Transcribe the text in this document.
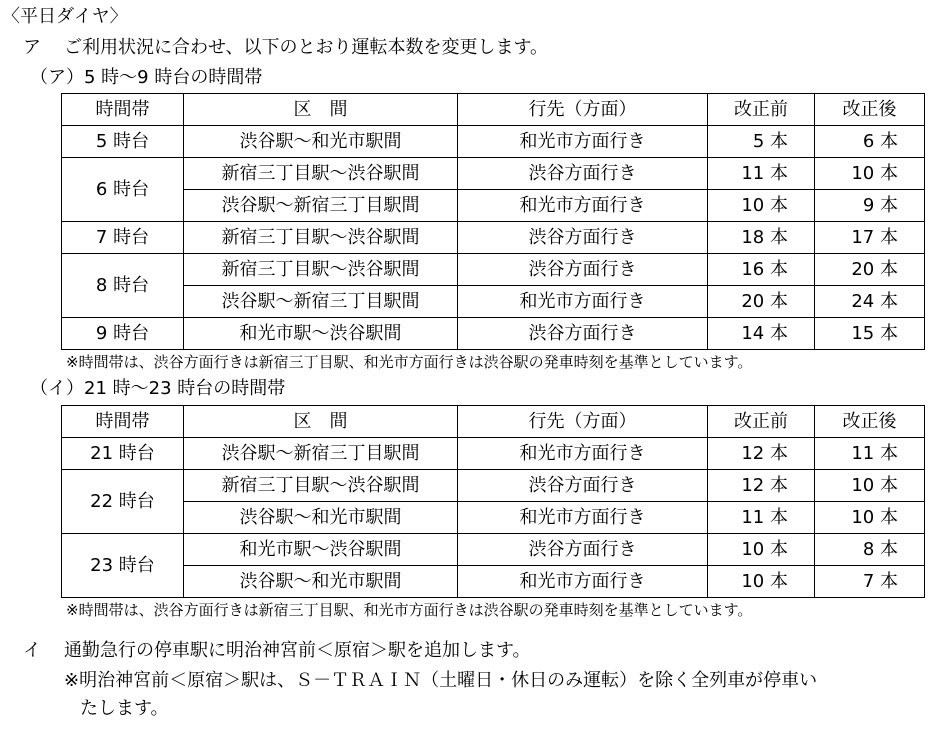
〈平日ダイヤ〉
ア ご利用状況に合わせ、以下のとおり運転本数を変更します。
（ア）5 時～9 時台の時間帯
時間帯	区　間	行先（方面）	改正前	改正後
5 時台	渋谷駅～和光市駅間	和光市方面行き	5 本	6 本
6 時台	新宿三丁目駅～渋谷駅間	渋谷方面行き	11 本	10 本
	渋谷駅～新宿三丁目駅間	和光市方面行き	10 本	9 本
7 時台	新宿三丁目駅～渋谷駅間	渋谷方面行き	18 本	17 本
8 時台	新宿三丁目駅～渋谷駅間	渋谷方面行き	16 本	20 本
	渋谷駅～新宿三丁目駅間	和光市方面行き	20 本	24 本
9 時台	和光市駅～渋谷駅間	渋谷方面行き	14 本	15 本
※時間帯は、渋谷方面行きは新宿三丁目駅、和光市方面行きは渋谷駅の発車時刻を基準としています。
（イ）21 時～23 時台の時間帯
時間帯	区　間	行先（方面）	改正前	改正後
21 時台	渋谷駅～新宿三丁目駅間	和光市方面行き	12 本	11 本
22 時台	新宿三丁目駅～渋谷駅間	渋谷方面行き	12 本	10 本
	渋谷駅～和光市駅間	和光市方面行き	11 本	10 本
23 時台	和光市駅～渋谷駅間	渋谷方面行き	10 本	8 本
	渋谷駅～和光市駅間	和光市方面行き	10 本	7 本
※時間帯は、渋谷方面行きは新宿三丁目駅、和光市方面行きは渋谷駅の発車時刻を基準としています。
イ 通勤急行の停車駅に明治神宮前＜原宿＞駅を追加します。
※明治神宮前＜原宿＞駅は、Ｓ－ＴＲＡＩＮ（土曜日・休日のみ運転）を除く全列車が停車い
たします。
